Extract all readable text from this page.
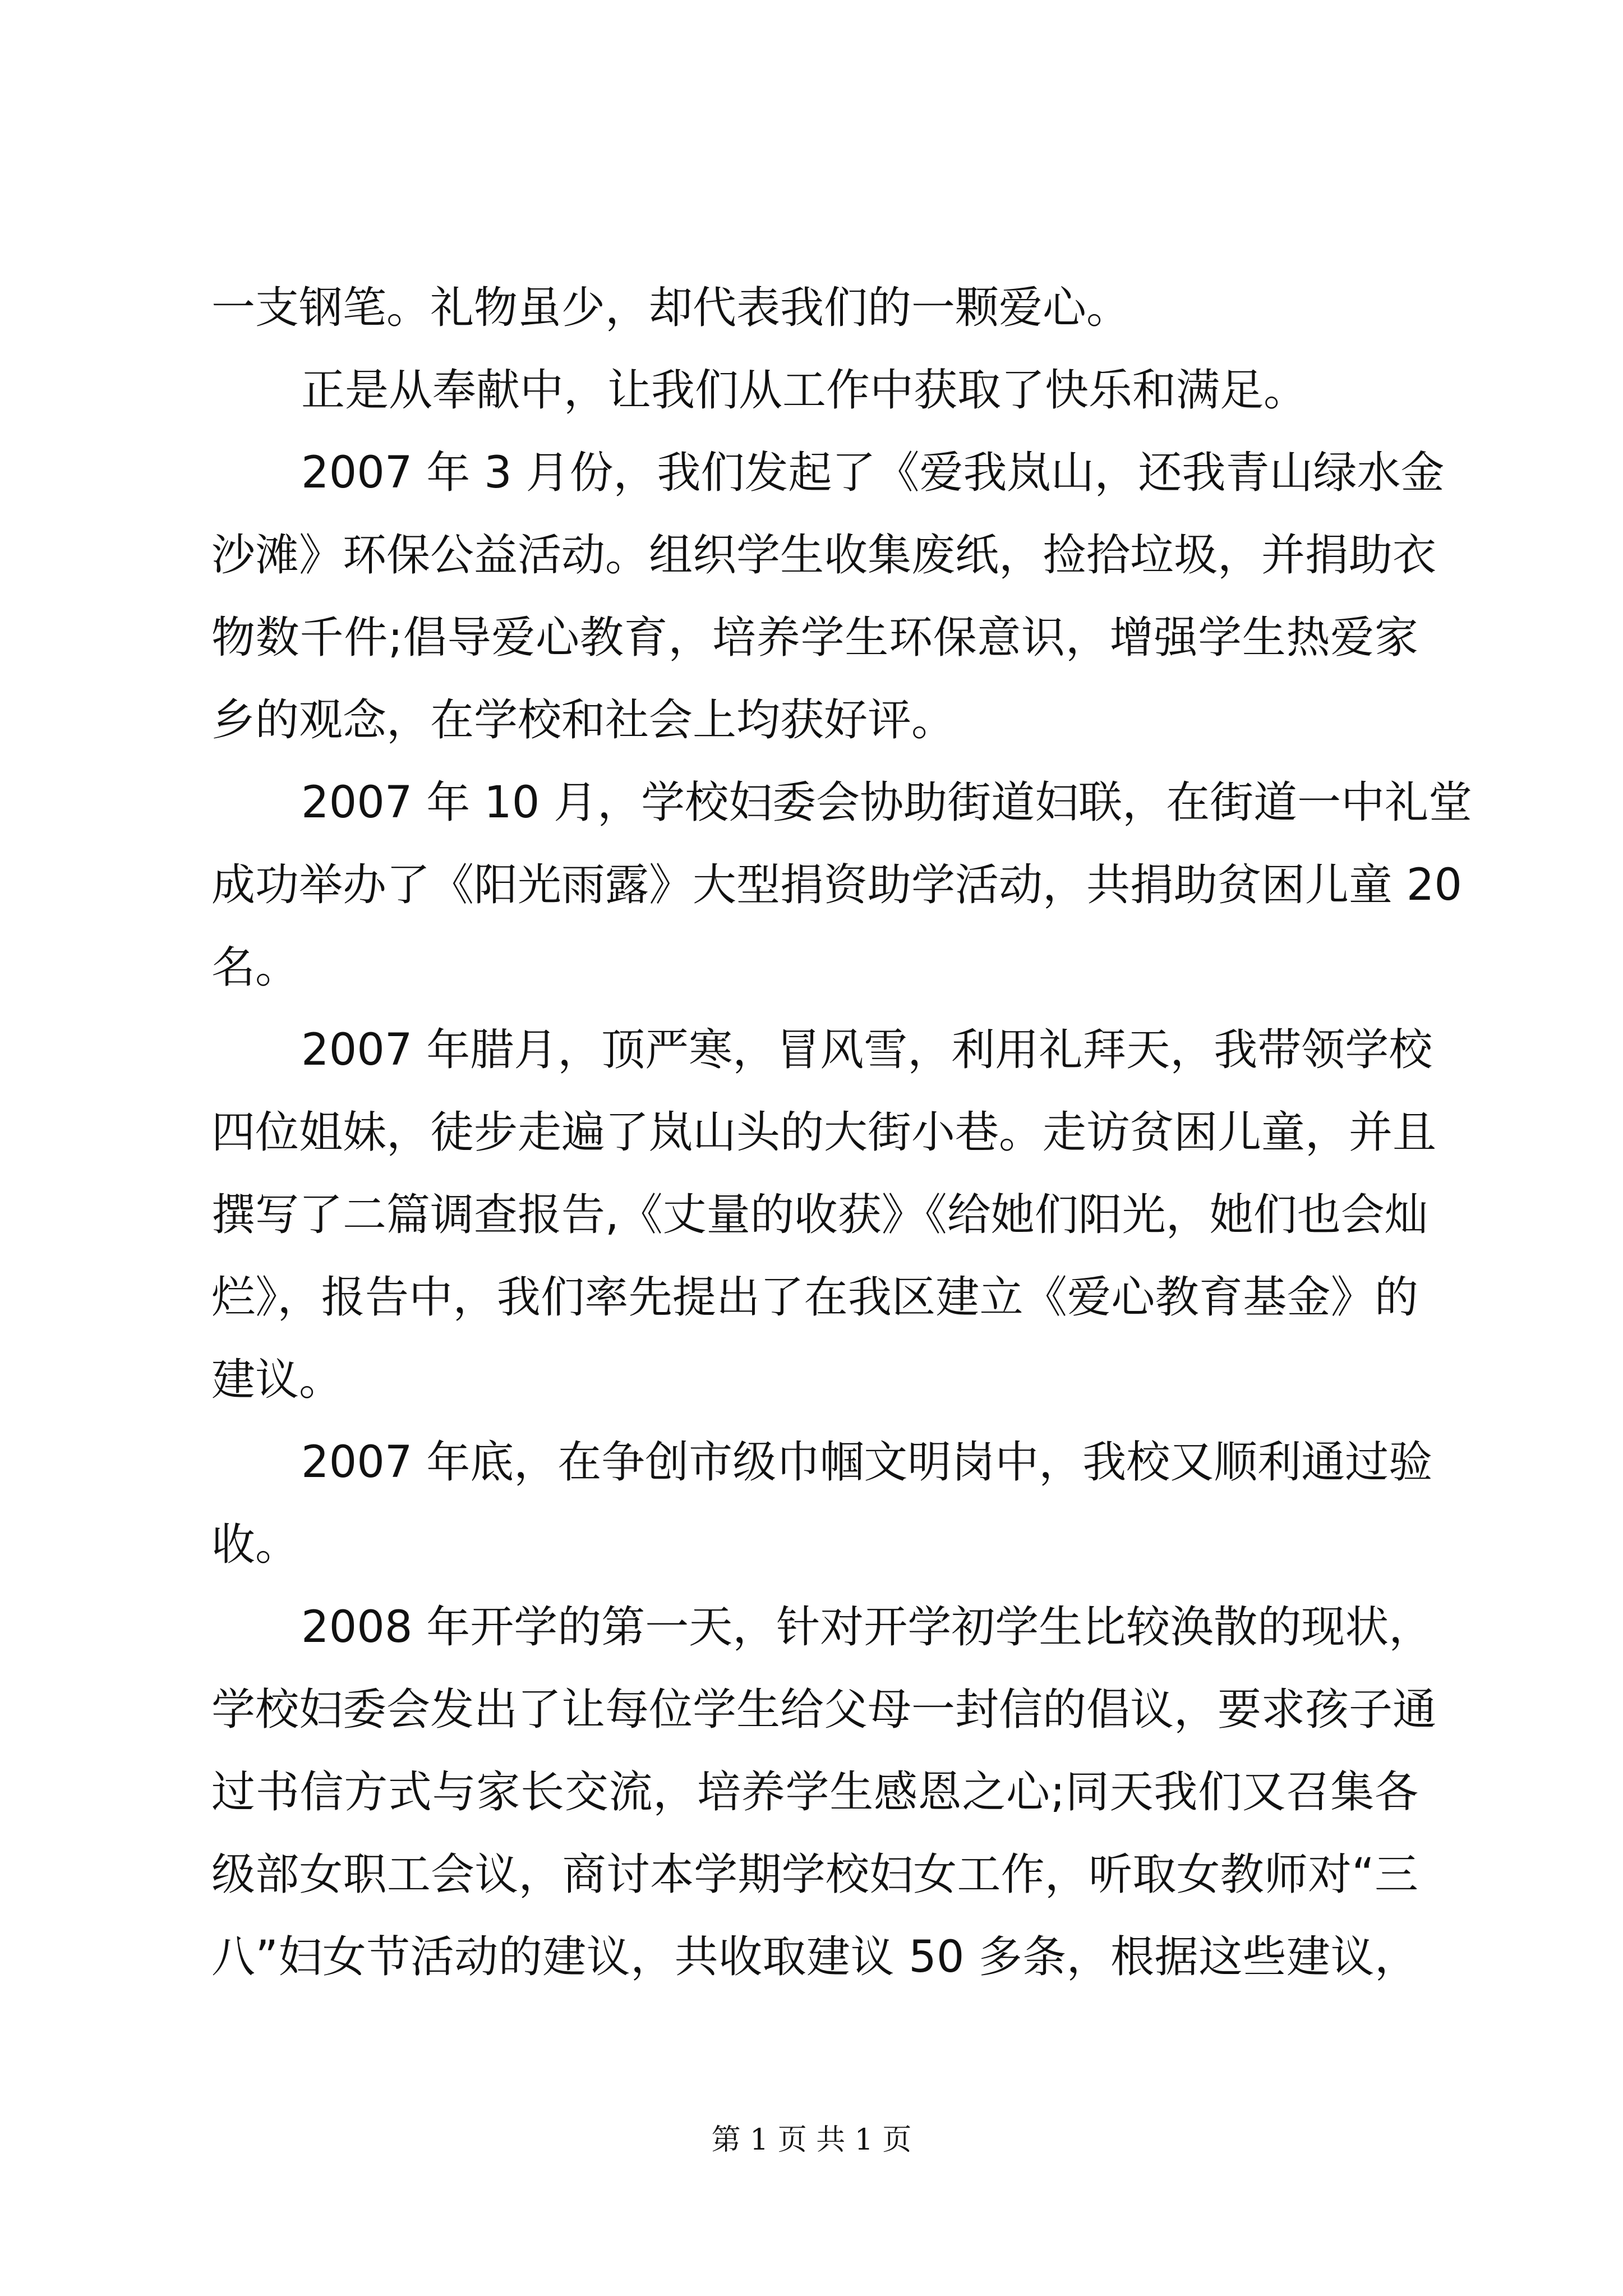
一支钢笔。礼物虽少，却代表我们的一颗爱心。
正是从奉献中，让我们从工作中获取了快乐和满足。
2007 年 3 月份，我们发起了《爱我岚山，还我青山绿水金
沙滩》环保公益活动。组织学生收集废纸，捡拾垃圾，并捐助衣
物数千件;倡导爱心教育，培养学生环保意识，增强学生热爱家
乡的观念，在学校和社会上均获好评。
2007 年 10 月，学校妇委会协助街道妇联，在街道一中礼堂
成功举办了《阳光雨露》大型捐资助学活动，共捐助贫困儿童 20
名。
2007 年腊月，顶严寒，冒风雪，利用礼拜天，我带领学校
四位姐妹，徒步走遍了岚山头的大街小巷。走访贫困儿童，并且
撰写了二篇调查报告,《丈量的收获》《给她们阳光，她们也会灿
烂》，报告中，我们率先提出了在我区建立《爱心教育基金》的
建议。
2007 年底，在争创市级巾帼文明岗中，我校又顺利通过验
收。
2008 年开学的第一天，针对开学初学生比较涣散的现状，
学校妇委会发出了让每位学生给父母一封信的倡议，要求孩子通
过书信方式与家长交流，培养学生感恩之心;同天我们又召集各
级部女职工会议，商讨本学期学校妇女工作，听取女教师对“三
八”妇女节活动的建议，共收取建议 50 多条，根据这些建议，
第 1 页 共 1 页
